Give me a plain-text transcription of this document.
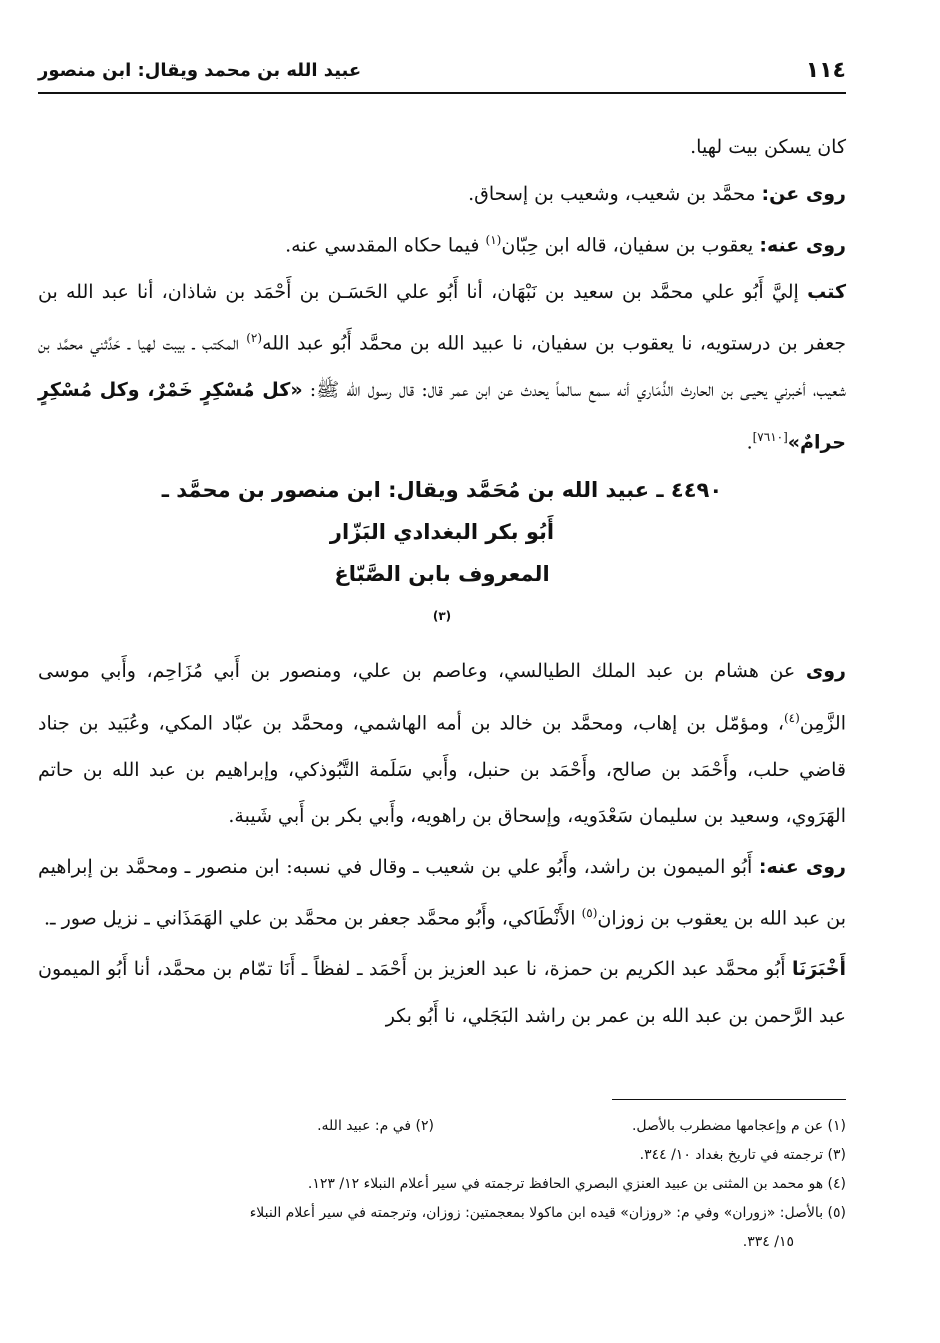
١١٤
عبيد الله بن محمد ويقال: ابن منصور

كان يسكن بيت لهيا.

روى عن: محمَّد بن شعيب، وشعيب بن إسحاق.

روى عنه: يعقوب بن سفيان، قاله ابن حِبّان$^{(١)}$ فيما حكاه المقدسي عنه.

كتب إليَّ أَبُو علي محمَّد بن سعيد بن نَبْهَان، أنا أَبُو علي الحَسَـن بن أَحْمَد بن شاذان، أنا عبد الله بن جعفر بن درستويه، نا يعقوب بن سفيان، نا عبيد الله بن محمَّد أَبُو عبد الله$^{(٢)}$ المكتب ـ بيبت لهيا ـ حَدَّثني محمَّد بن شعيب، أخبرني يحيـى بن الحارث الذِّمَاري أنه سمع سالماً يحدث عن ابن عمر قال: قال رسول الله ﷺ: «كل مُسْكِرٍ خَمْرٌ، وكل مُسْكِرٍ حرامٌ»[٧٦١٠].

٤٤٩٠ ـ عبيد الله بن مُحَمَّد ويقال: ابن منصور بن محمَّد ـ
أَبُو بكر البغدادي البَزّار
المعروف بابن الصَّبّاغ
$^{(٣)}$

روى عن هشام بن عبد الملك الطيالسي، وعاصم بن علي، ومنصور بن أَبي مُزَاحِم، وأَبي موسى الزَّمِن$^{(٤)}$، ومؤمّل بن إهاب، ومحمَّد بن خالد بن أمه الهاشمي، ومحمَّد بن عبّاد المكي، وعُبَيد بن جناد قاضي حلب، وأَحْمَد بن صالح، وأَحْمَد بن حنبل، وأَبي سَلَمة التَّبُوذكي، وإبراهيم بن عبد الله بن حاتم الهَرَوي، وسعيد بن سليمان سَعْدَويه، وإسحاق بن راهويه، وأَبي بكر بن أَبي شَيبة.

روى عنه: أَبُو الميمون بن راشد، وأَبُو علي بن شعيب ـ وقال في نسبه: ابن منصور ـ ومحمَّد بن إبراهيم بن عبد الله بن يعقوب بن زوزان$^{(٥)}$ الأَنْطَاكي، وأَبُو محمَّد جعفر بن محمَّد بن علي الهَمَذَاني ـ نزيل صور ـ.

أَخْبَرَنَا أَبُو محمَّد عبد الكريم بن حمزة، نا عبد العزيز بن أَحْمَد ـ لفظاً ـ أَنَا تمّام بن محمَّد، أنا أَبُو الميمون عبد الرَّحمن بن عبد الله بن عمر بن راشد البَجَلي، نا أَبُو بكر

(١) عن م وإعجامها مضطرب بالأصل.
(٢) في م: عبيد الله.
(٣) ترجمته في تاريخ بغداد ١٠/ ٣٤٤.
(٤) هو محمد بن المثنى بن عبيد العنزي البصري الحافظ ترجمته في سير أعلام النبلاء ١٢/ ١٢٣.
(٥) بالأصل: «زوران» وفي م: «روزان» قيده ابن ماكولا بمعجمتين: زوزان، وترجمته في سير أعلام النبلاء
١٥/ ٣٣٤.
